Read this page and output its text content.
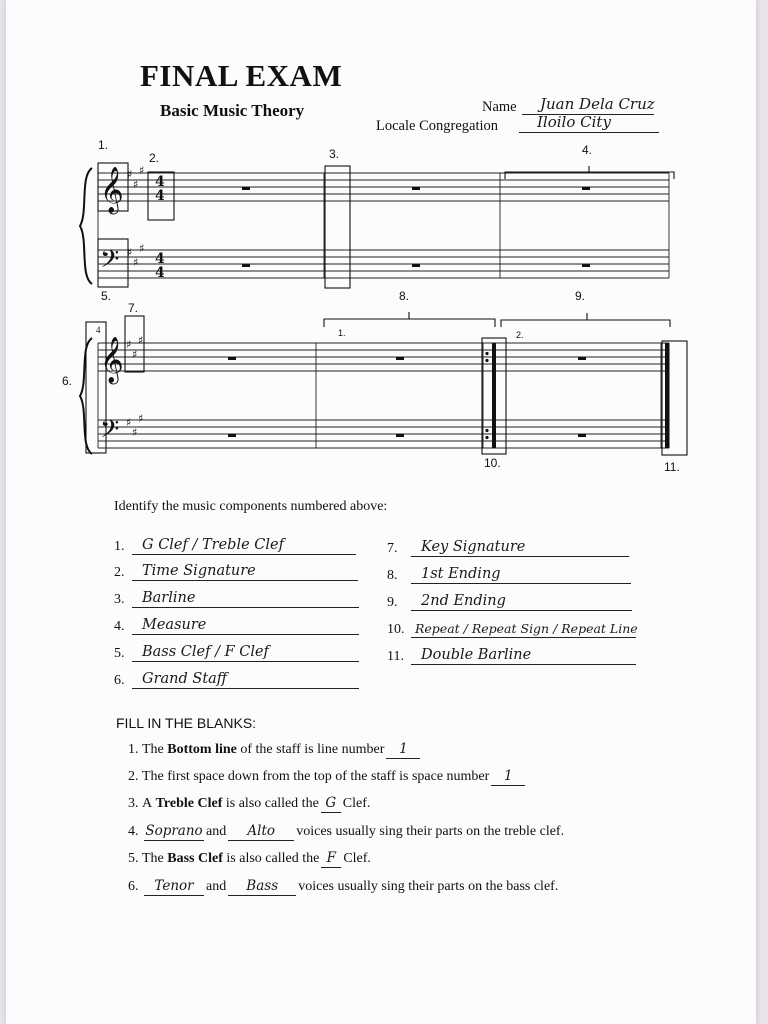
FINAL EXAM
Basic Music Theory	Name Juan Dela Cruz
Locale Congregation	Iloilo City
𝄞
𝄢
𝄞
𝄢
♯
♯
♯
♯
♯
♯
♯
♯
♯
♯
♯
♯
4
4
4
4
4
1.
2.	3.	4.
5.
7.
6.
8.	9.
10.	11.
1.	2.
Identify the music components numbered above:
1.	G Clef / Treble Clef
2.	Time Signature
3.	Barline
4.	Measure
5.	Bass Clef / F Clef
6.	Grand Staff
7.	Key Signature
8.	1st Ending
9.	2nd Ending
10. Repeat / Repeat Sign / Repeat Line
11.	Double Barline
FILL IN THE BLANKS:
1.
The
Bottom line
of the staff is line number	1
2.
The first space down from the top of the staff is space number	1
3.
A
Treble Clef
is also called the G Clef.
4.
Soprano and	Alto	voices usually sing their parts on the treble clef.
5.
The
Bass Clef
is also called the F Clef.
6.
	Tenor and	Bass	voices usually sing their parts on the bass clef.
